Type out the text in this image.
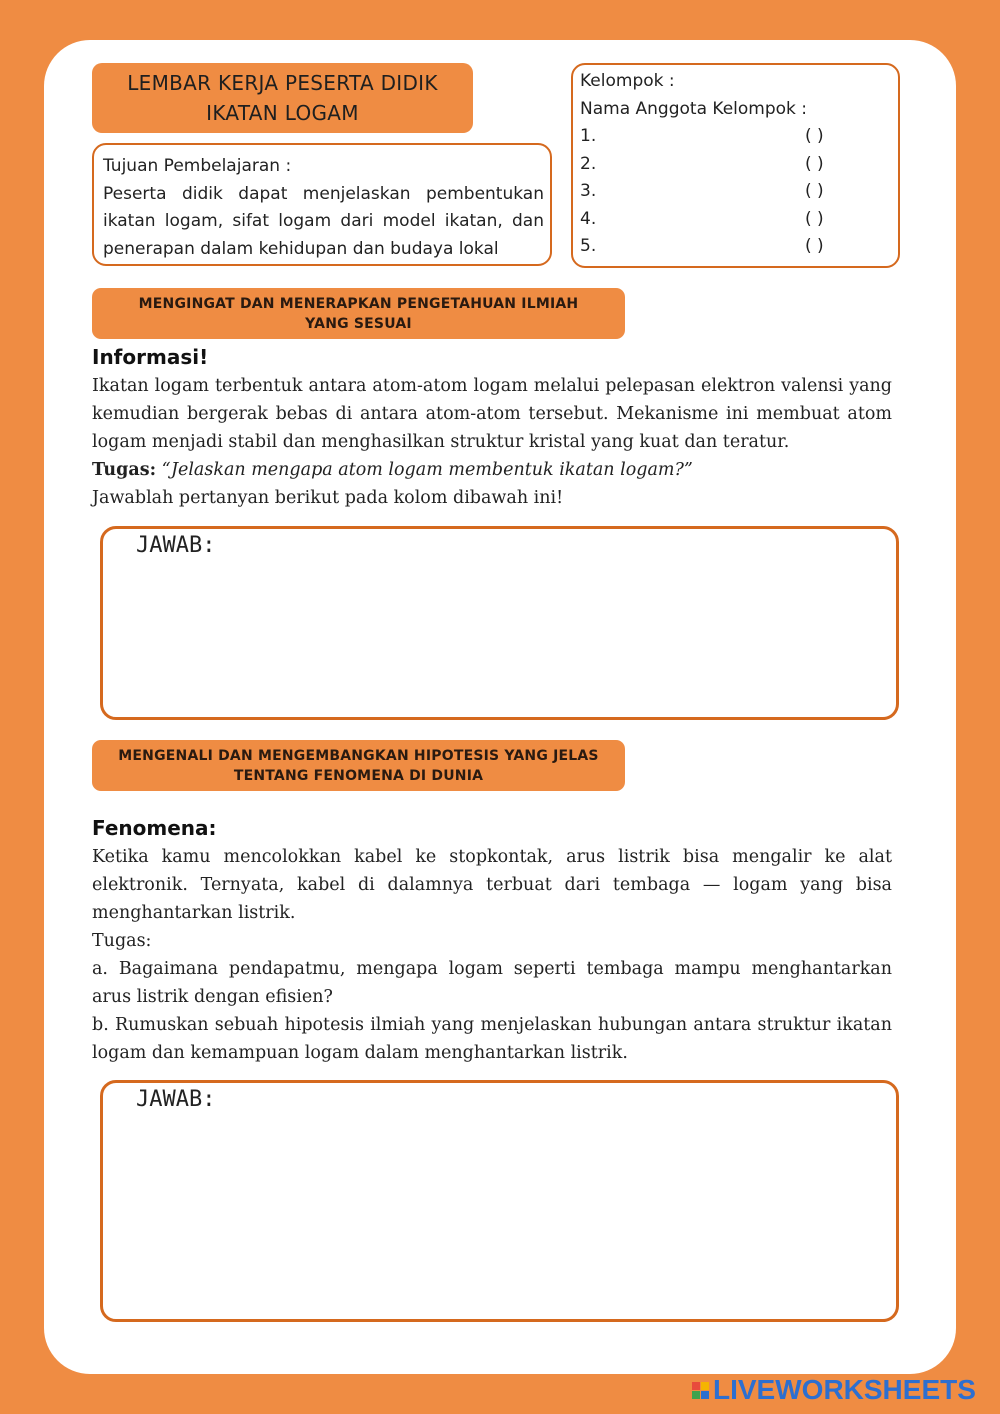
LEMBAR KERJA PESERTA DIDIK
IKATAN LOGAM
Tujuan Pembelajaran :
Peserta didik dapat menjelaskan pembentukan ikatan logam, sifat logam dari model ikatan, dan penerapan dalam kehidupan dan budaya lokal
Kelompok :
Nama Anggota Kelompok :
1.	( )
2.	( )
3.	( )
4.	( )
5.	( )
MENGINGAT DAN MENERAPKAN PENGETAHUAN ILMIAH
YANG SESUAI
Informasi!
Ikatan logam terbentuk antara atom-atom logam melalui pelepasan elektron valensi yang kemudian bergerak bebas di antara atom-atom tersebut. Mekanisme ini membuat atom logam menjadi stabil dan menghasilkan struktur kristal yang kuat dan teratur.
Tugas: “Jelaskan mengapa atom logam membentuk ikatan logam?”
Jawablah pertanyan berikut pada kolom dibawah ini!
JAWAB:
MENGENALI DAN MENGEMBANGKAN HIPOTESIS YANG JELAS
TENTANG FENOMENA DI DUNIA
Fenomena:
Ketika kamu mencolokkan kabel ke stopkontak, arus listrik bisa mengalir ke alat elektronik. Ternyata, kabel di dalamnya terbuat dari tembaga — logam yang bisa menghantarkan listrik.
Tugas:
a. Bagaimana pendapatmu, mengapa logam seperti tembaga mampu menghantarkan arus listrik dengan efisien?
b. Rumuskan sebuah hipotesis ilmiah yang menjelaskan hubungan antara struktur ikatan logam dan kemampuan logam dalam menghantarkan listrik.
JAWAB:
LIVEWORKSHEETS
